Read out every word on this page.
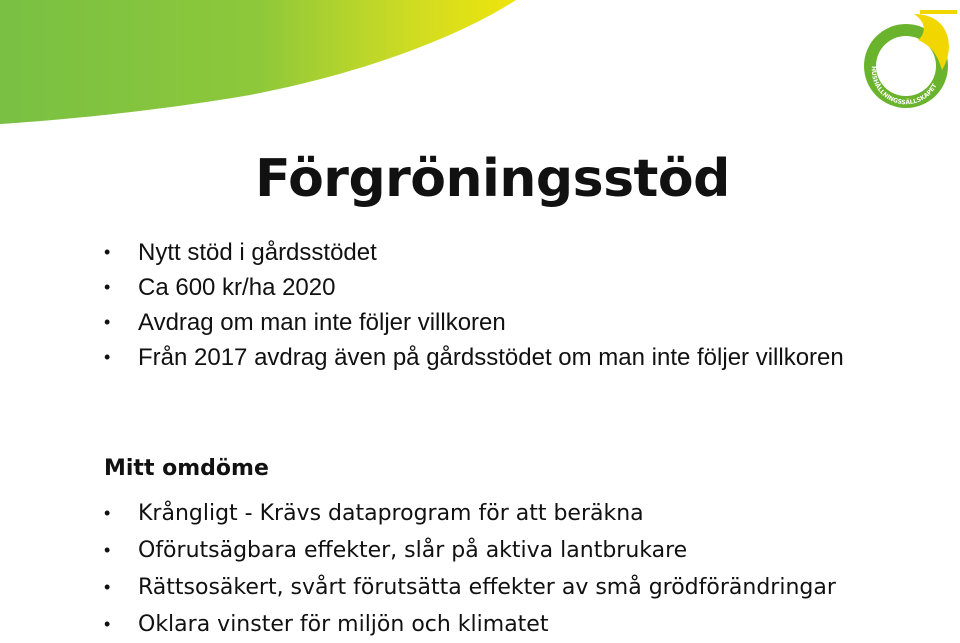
HUSHÅLLNINGSSÄLLSKAPET
Förgröningsstöd
• Nytt stöd i gårdsstödet
• Ca 600 kr/ha 2020
• Avdrag om man inte följer villkoren
• Från 2017 avdrag även på gårdsstödet om man inte följer villkoren
Mitt omdöme
• Krångligt - Krävs dataprogram för att beräkna
• Oförutsägbara effekter, slår på aktiva lantbrukare
• Rättsosäkert, svårt förutsätta effekter av små grödförändringar
• Oklara vinster för miljön och klimatet
